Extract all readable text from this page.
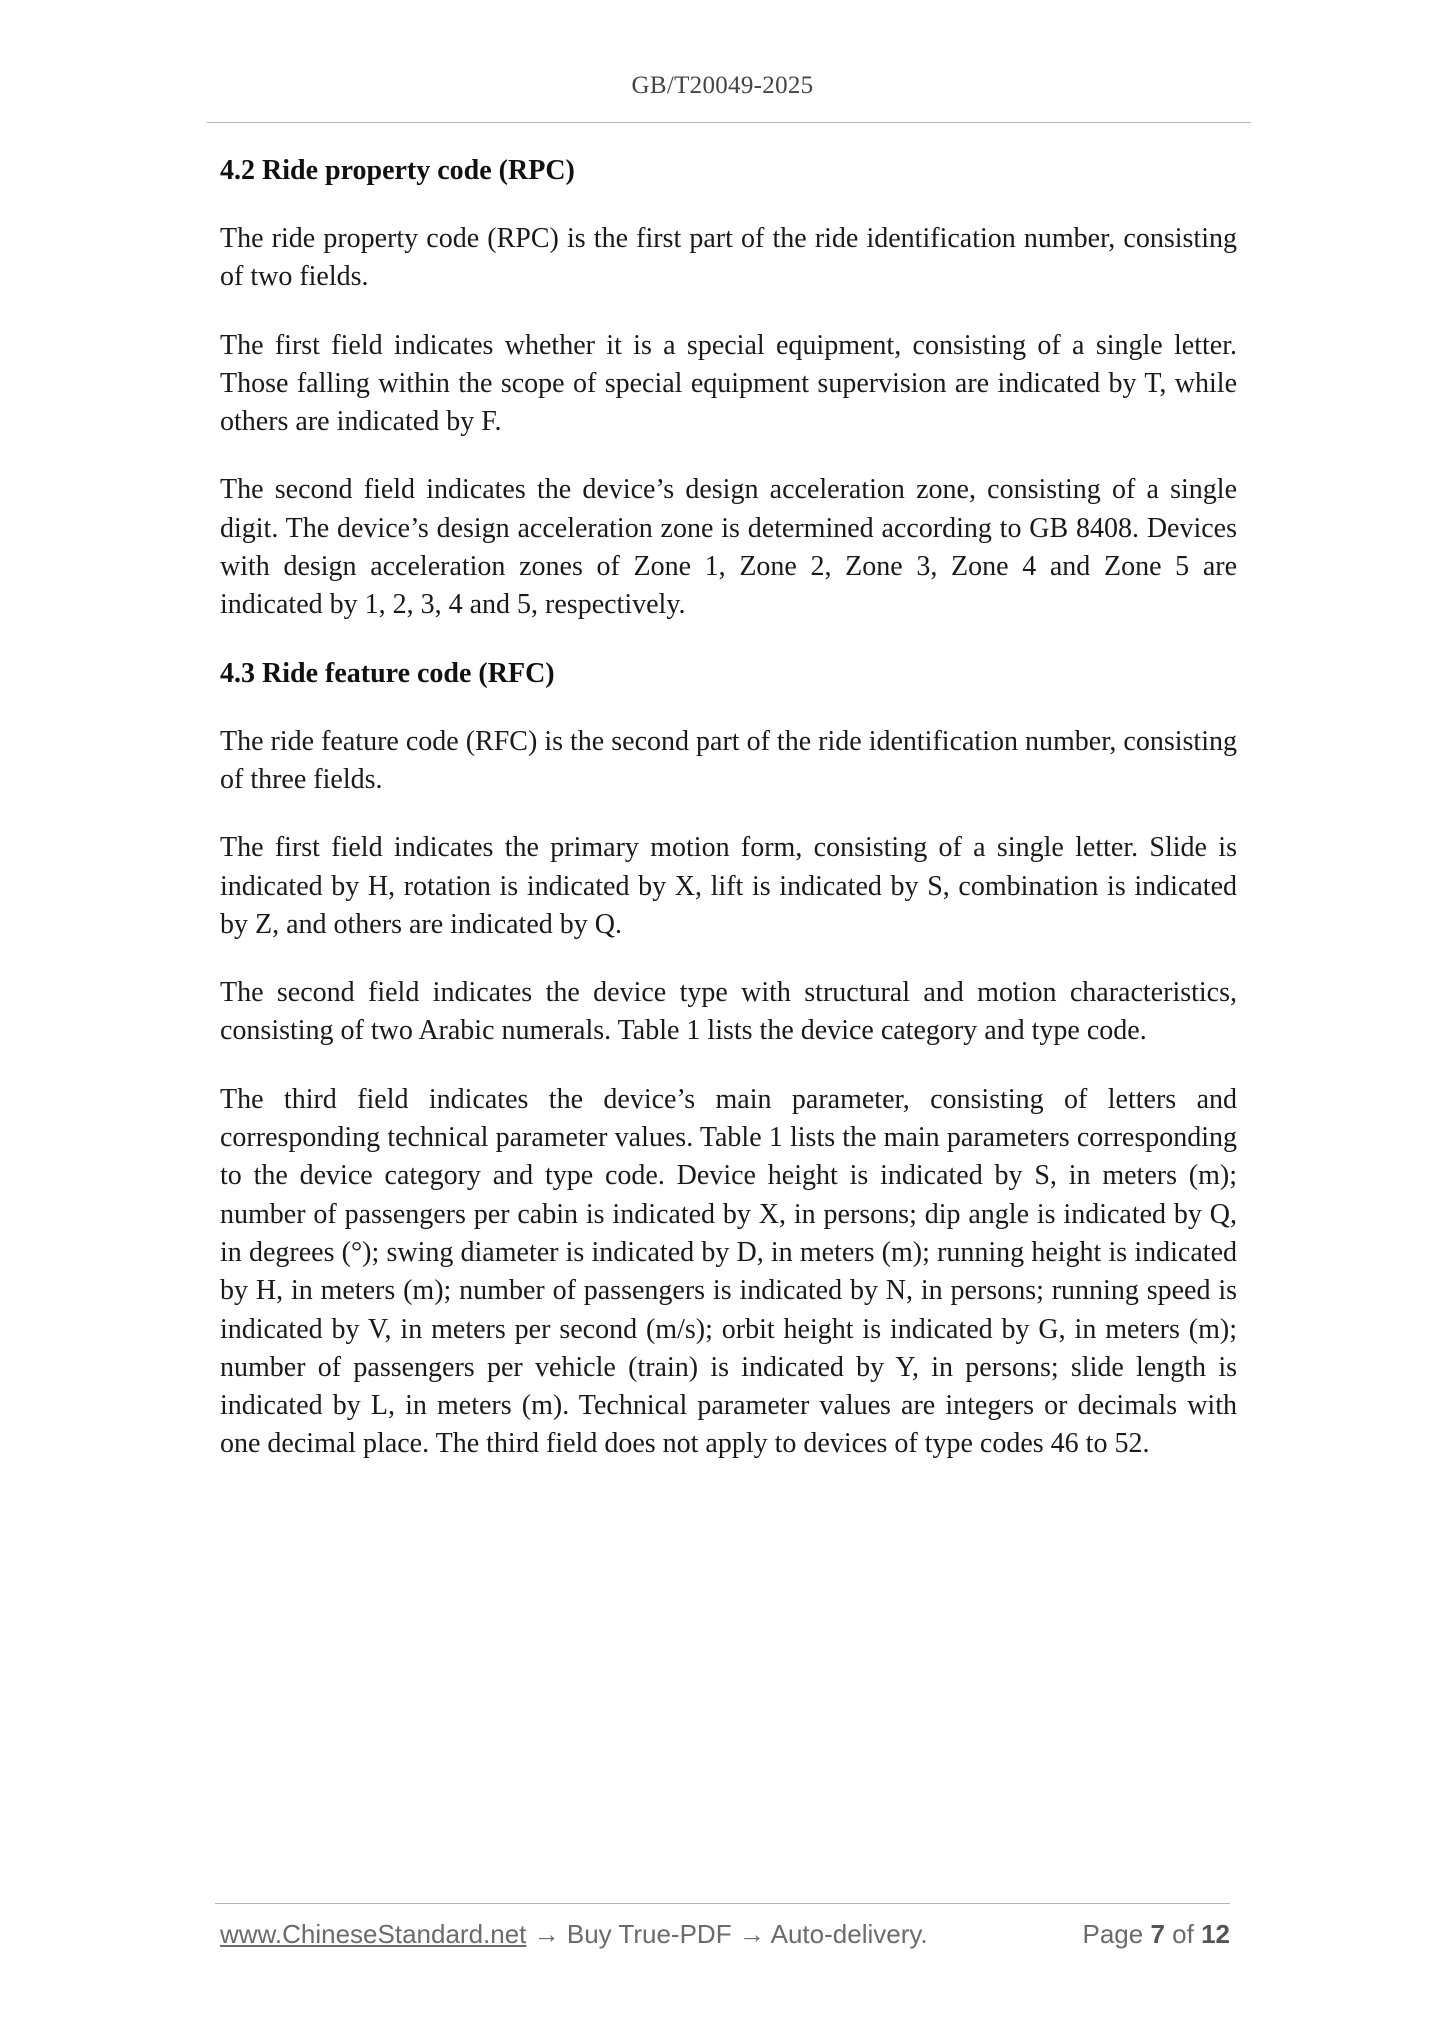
GB/T20049-2025
4.2 Ride property code (RPC)

The ride property code (RPC) is the first part of the ride identification number, consisting of two fields.

The first field indicates whether it is a special equipment, consisting of a single letter. Those falling within the scope of special equipment supervision are indicated by T, while others are indicated by F.

The second field indicates the device’s design acceleration zone, consisting of a single digit. The device’s design acceleration zone is determined according to GB 8408. Devices with design acceleration zones of Zone 1, Zone 2, Zone 3, Zone 4 and Zone 5 are indicated by 1, 2, 3, 4 and 5, respectively.

4.3 Ride feature code (RFC)

The ride feature code (RFC) is the second part of the ride identification number, consisting of three fields.

The first field indicates the primary motion form, consisting of a single letter. Slide is indicated by H, rotation is indicated by X, lift is indicated by S, combination is indicated by Z, and others are indicated by Q.

The second field indicates the device type with structural and motion characteristics, consisting of two Arabic numerals. Table 1 lists the device category and type code.

The third field indicates the device’s main parameter, consisting of letters and corresponding technical parameter values. Table 1 lists the main parameters corresponding to the device category and type code. Device height is indicated by S, in meters (m); number of passengers per cabin is indicated by X, in persons; dip angle is indicated by Q, in degrees (°); swing diameter is indicated by D, in meters (m); running height is indicated by H, in meters (m); number of passengers is indicated by N, in persons; running speed is indicated by V, in meters per second (m/s); orbit height is indicated by G, in meters (m); number of passengers per vehicle (train) is indicated by Y, in persons; slide length is indicated by L, in meters (m). Technical parameter values are integers or decimals with one decimal place. The third field does not apply to devices of type codes 46 to 52.

www.ChineseStandard.net → Buy True-PDF → Auto-delivery.	Page 7 of 12
